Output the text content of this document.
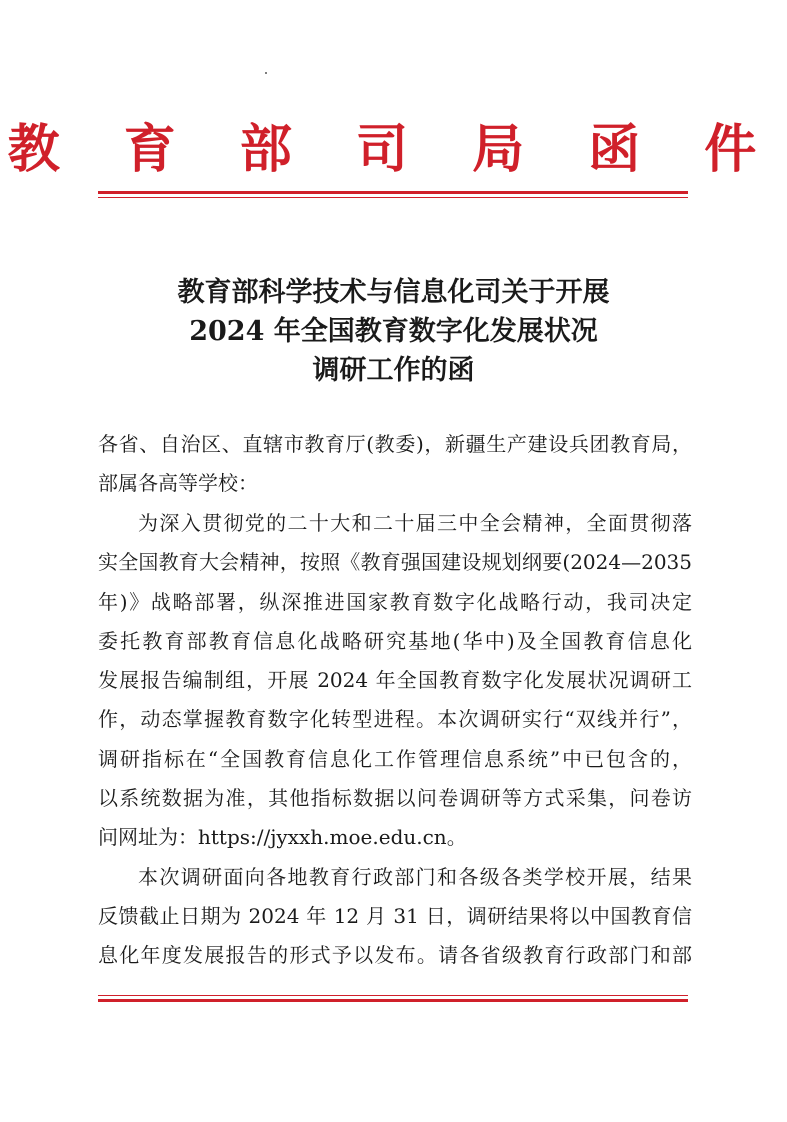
教 育 部 司 局 函 件
教育部科学技术与信息化司关于开展
2024 年全国教育数字化发展状况
调研工作的函
各省、自治区、直辖市教育厅(教委)，新疆生产建设兵团教育局，
部属各高等学校：
为深入贯彻党的二十大和二十届三中全会精神，全面贯彻落
实全国教育大会精神，按照《教育强国建设规划纲要(2024—2035
年)》战略部署，纵深推进国家教育数字化战略行动，我司决定
委托教育部教育信息化战略研究基地(华中)及全国教育信息化
发展报告编制组，开展 2024 年全国教育数字化发展状况调研工
作，动态掌握教育数字化转型进程。本次调研实行“双线并行”，
调研指标在“全国教育信息化工作管理信息系统”中已包含的，
以系统数据为准，其他指标数据以问卷调研等方式采集，问卷访
问网址为：https://jyxxh.moe.edu.cn。
本次调研面向各地教育行政部门和各级各类学校开展，结果
反馈截止日期为 2024 年 12 月 31 日，调研结果将以中国教育信
息化年度发展报告的形式予以发布。请各省级教育行政部门和部
